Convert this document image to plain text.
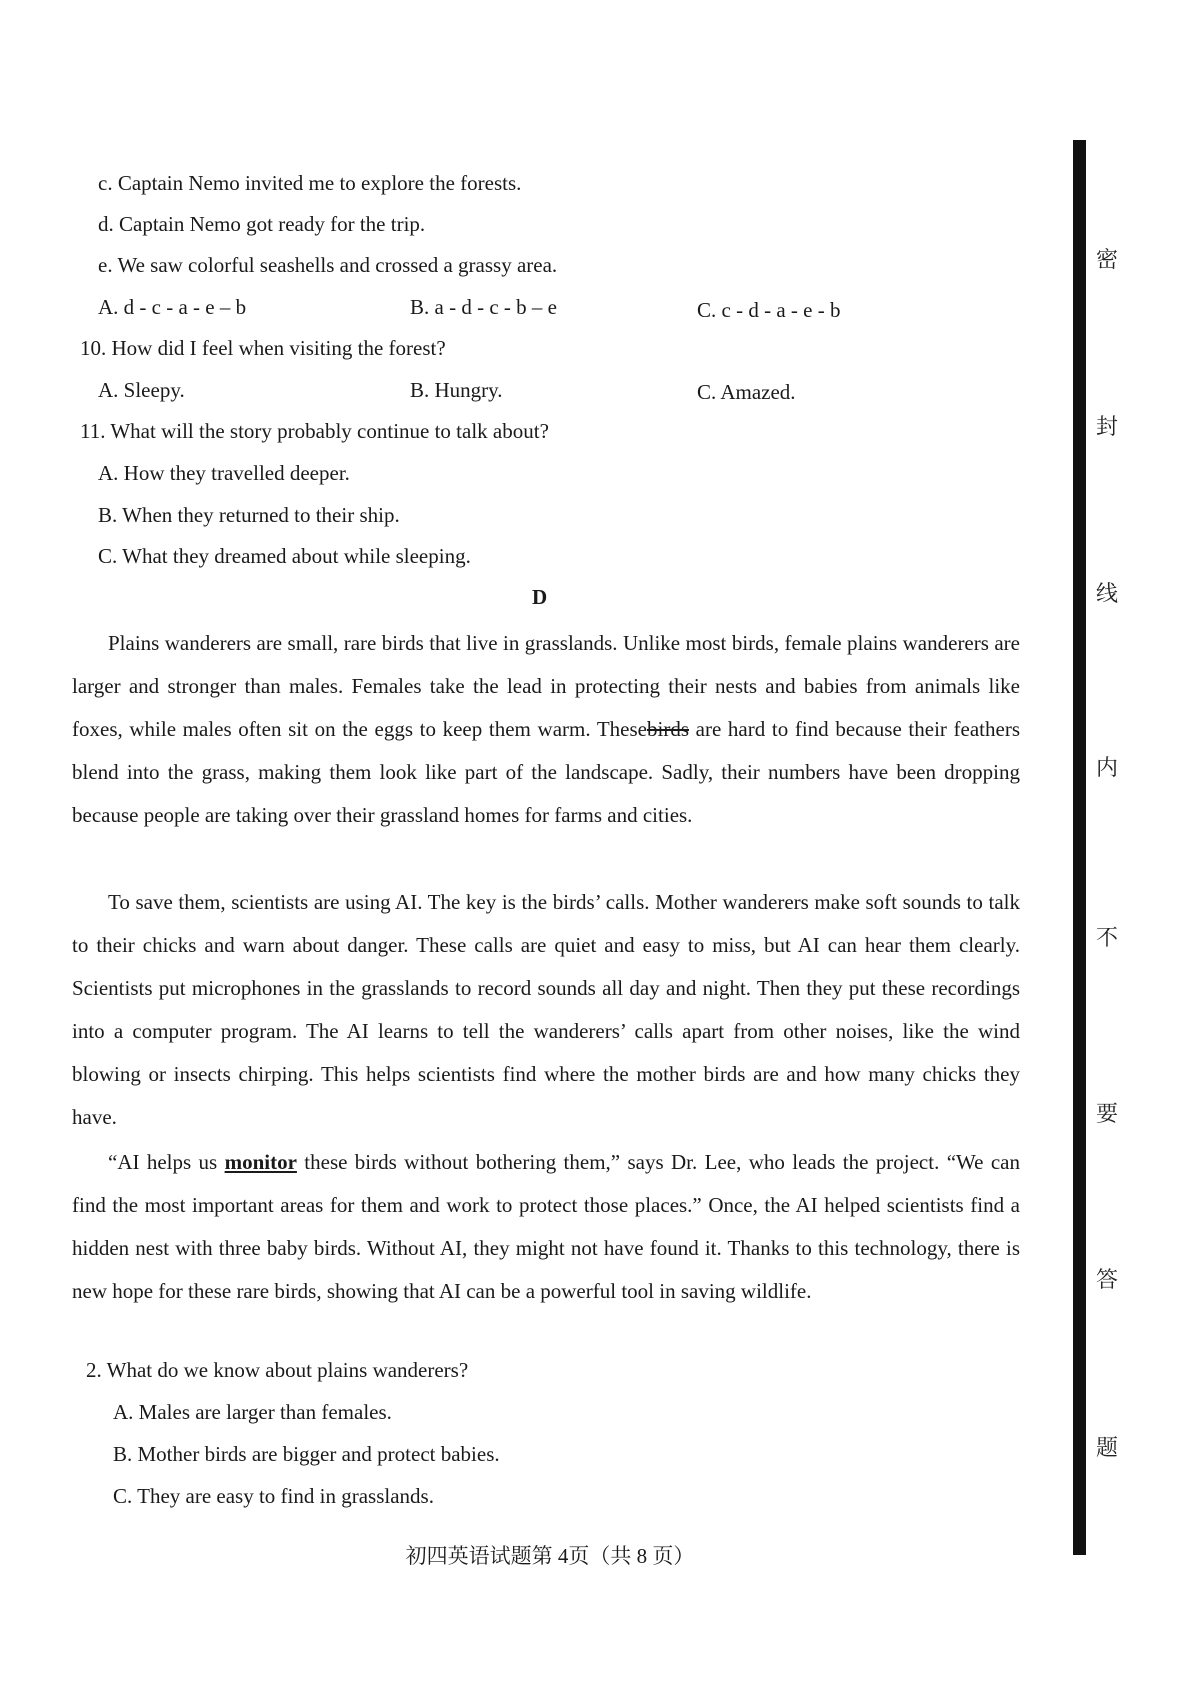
c. Captain Nemo invited me to explore the forests.
d. Captain Nemo got ready for the trip.
e. We saw colorful seashells and crossed a grassy area.
A. d - c - a - e – b	B. a - d - c - b – e	C. c - d - a - e - b
10. How did I feel when visiting the forest?
A. Sleepy.	B. Hungry.	C. Amazed.
11. What will the story probably continue to talk about?
A. How they travelled deeper.
B. When they returned to their ship.
C. What they dreamed about while sleeping.
D
Plains wanderers are small, rare birds that live in grasslands. Unlike most birds, female plains wanderers are larger and stronger than males. Females take the lead in protecting their nests and babies from animals like foxes, while males often sit on the eggs to keep them warm. Thesebirds are hard to find because their feathers blend into the grass, making them look like part of the landscape. Sadly, their numbers have been dropping because people are taking over their grassland homes for farms and cities.
To save them, scientists are using AI. The key is the birds’ calls. Mother wanderers make soft sounds to talk to their chicks and warn about danger. These calls are quiet and easy to miss, but AI can hear them clearly. Scientists put microphones in the grasslands to record sounds all day and night. Then they put these recordings into a computer program. The AI learns to tell the wanderers’ calls apart from other noises, like the wind blowing or insects chirping. This helps scientists find where the mother birds are and how many chicks they have.
“AI helps us monitor these birds without bothering them,” says Dr. Lee, who leads the project. “We can find the most important areas for them and work to protect those places.” Once, the AI helped scientists find a hidden nest with three baby birds. Without AI, they might not have found it. Thanks to this technology, there is new hope for these rare birds, showing that AI can be a powerful tool in saving wildlife.
2. What do we know about plains wanderers?
A. Males are larger than females.
B. Mother birds are bigger and protect babies.
C. They are easy to find in grasslands.
初四英语试题第 4页（共 8 页）
密
封
线
内
不
要
答
题
